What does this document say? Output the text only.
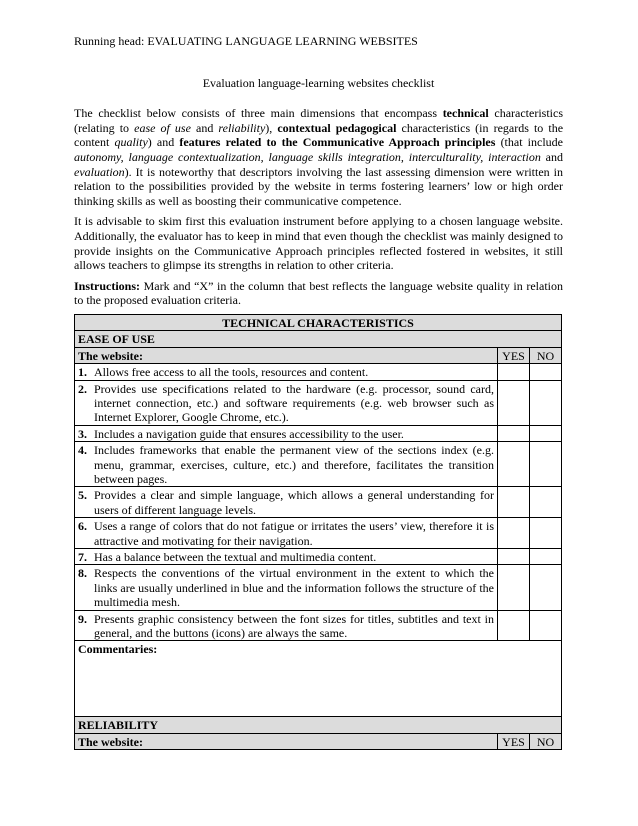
Running head: EVALUATING LANGUAGE LEARNING WEBSITES
Evaluation language-learning websites checklist

The checklist below consists of three main dimensions that encompass technical characteristics (relating to ease of use and reliability), contextual pedagogical characteristics (in regards to the content quality) and features related to the Communicative Approach principles (that include autonomy, language contextualization, language skills integration, interculturality, interaction and evaluation). It is noteworthy that descriptors involving the last assessing dimension were written in relation to the possibilities provided by the website in terms fostering learners’ low or high order thinking skills as well as boosting their communicative competence.

It is advisable to skim first this evaluation instrument before applying to a chosen language website. Additionally, the evaluator has to keep in mind that even though the checklist was mainly designed to provide insights on the Communicative Approach principles reflected fostered in websites, it still allows teachers to glimpse its strengths in relation to other criteria.

Instructions: Mark and “X” in the column that best reflects the language website quality in relation to the proposed evaluation criteria.

TECHNICAL CHARACTERISTICS		
EASE OF USE		
The website:	YES	NO

1. Allows free access to all the tools, resources and content.		

2. Provides use specifications related to the hardware (e.g. processor, sound card, internet connection, etc.) and software requirements (e.g. web browser such as Internet Explorer, Google Chrome, etc.).		

3. Includes a navigation guide that ensures accessibility to the user.		

4. Includes frameworks that enable the permanent view of the sections index (e.g. menu, grammar, exercises, culture, etc.) and therefore, facilitates the transition between pages.		

5. Provides a clear and simple language, which allows a general understanding for users of different language levels.		

6. Uses a range of colors that do not fatigue or irritates the users’ view, therefore it is attractive and motivating for their navigation.		

7. Has a balance between the textual and multimedia content.		

8. Respects the conventions of the virtual environment in the extent to which the links are usually underlined in blue and the information follows the structure of the multimedia mesh.		

9. Presents graphic consistency between the font sizes for titles, subtitles and text in general, and the buttons (icons) are always the same.		

Commentaries:		
RELIABILITY		
The website:	YES	NO
